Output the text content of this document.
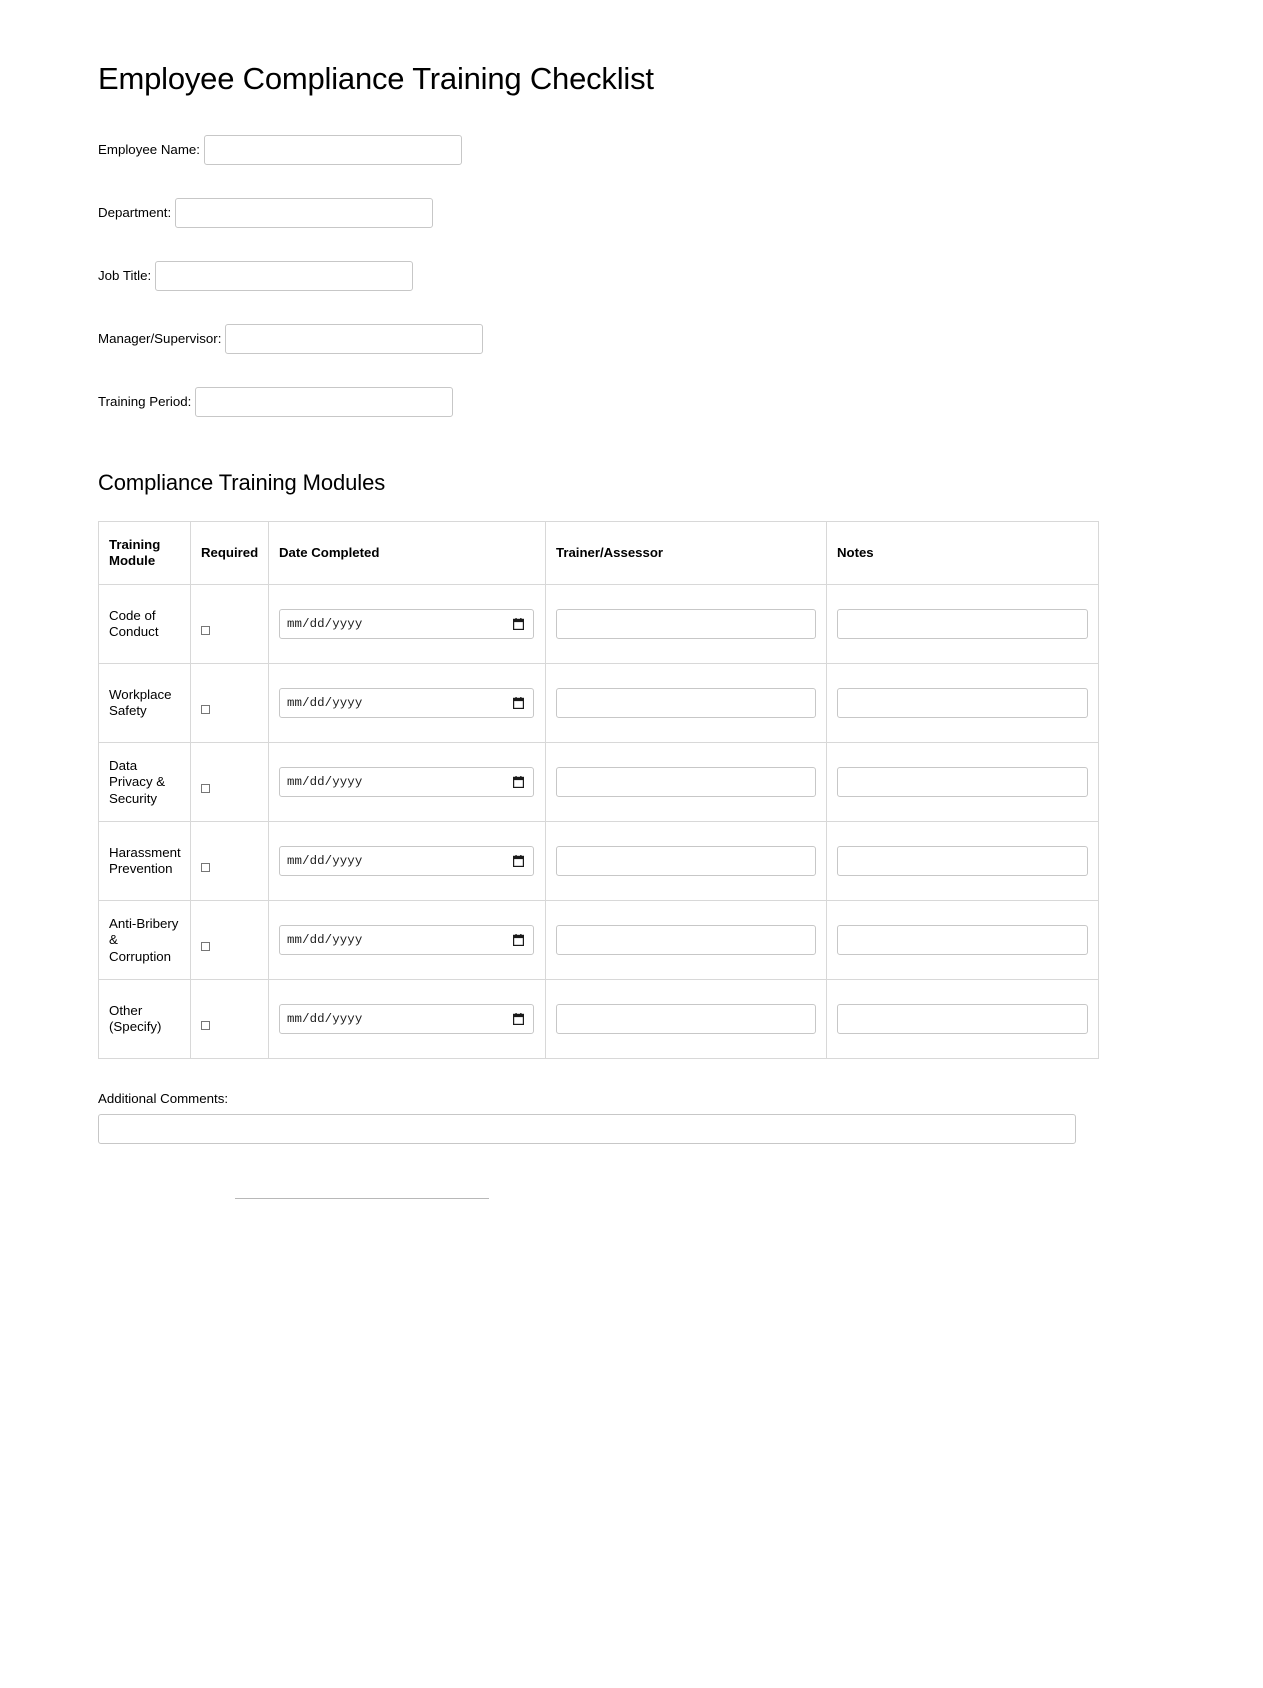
Employee Compliance Training Checklist
Employee Name:
Department:
Job Title:
Manager/Supervisor:
Training Period:
Compliance Training Modules
Training Module	Required	Date Completed	Trainer/Assessor	Notes
Code of Conduct		mm/dd/yyyy

Workplace Safety		mm/dd/yyyy

Data Privacy & Security		mm/dd/yyyy

Harassment Prevention		mm/dd/yyyy

Anti-Bribery & Corruption		mm/dd/yyyy

Other (Specify)		mm/dd/yyyy

Additional Comments:
